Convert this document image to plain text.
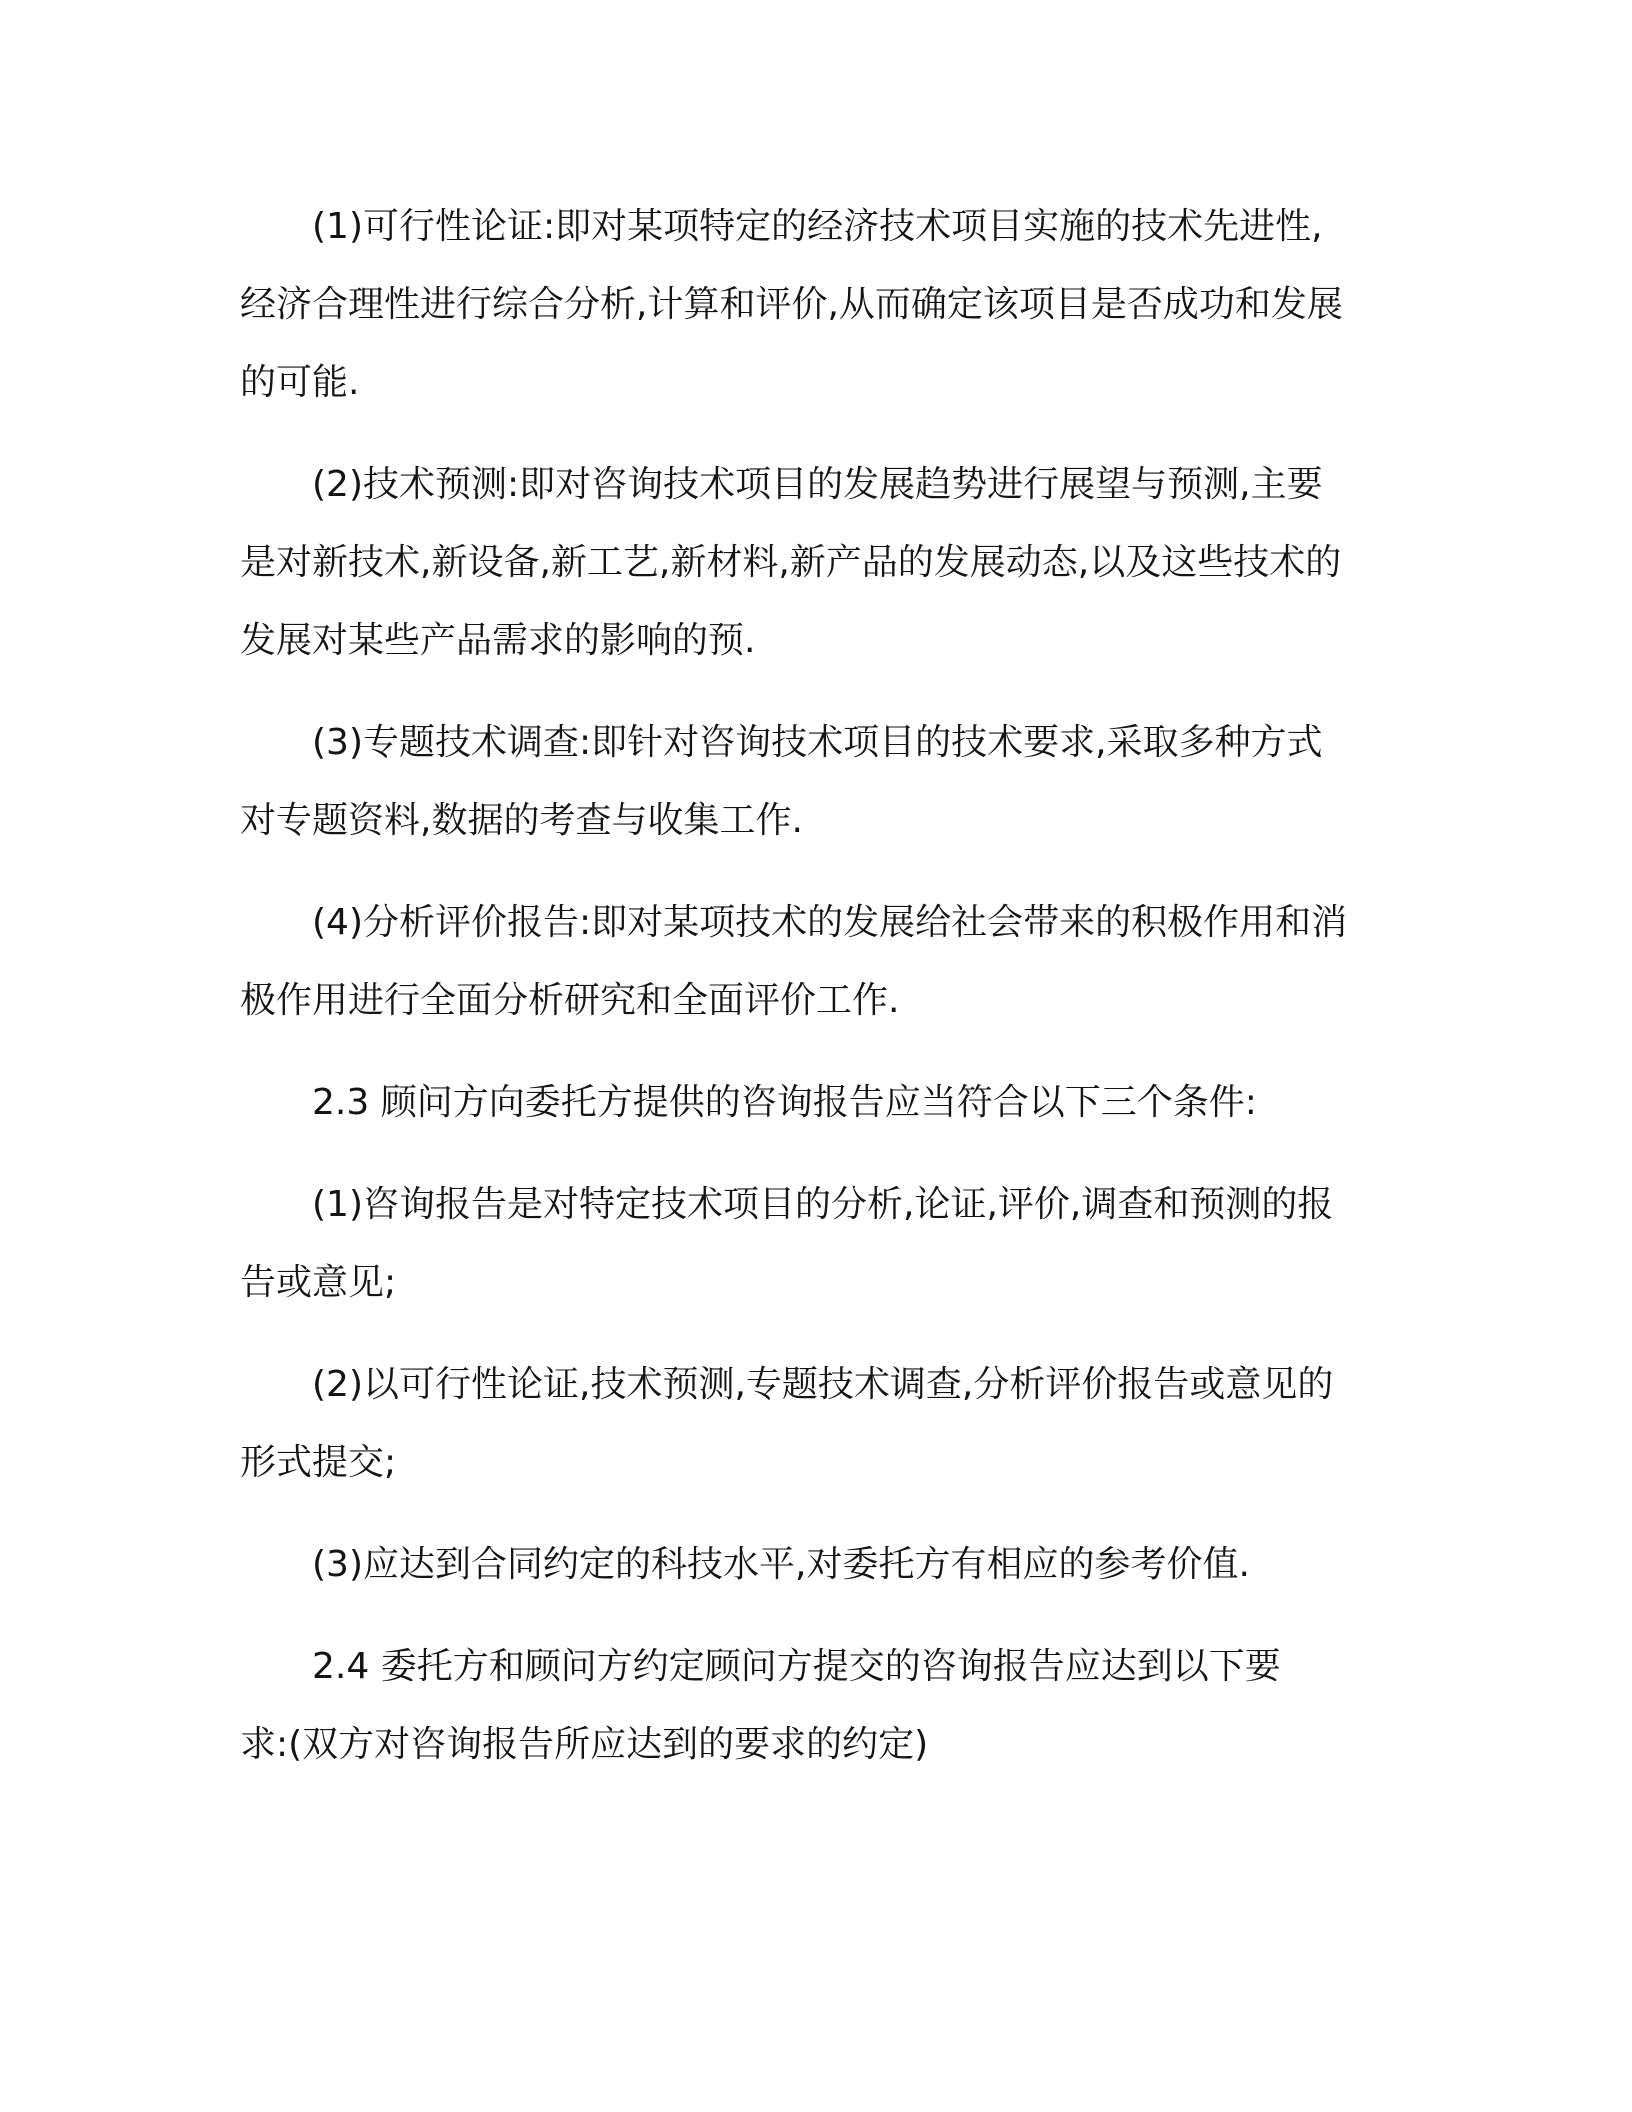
(1)可行性论证:即对某项特定的经济技术项目实施的技术先进性,
经济合理性进行综合分析,计算和评价,从而确定该项目是否成功和发展
的可能.

(2)技术预测:即对咨询技术项目的发展趋势进行展望与预测,主要
是对新技术,新设备,新工艺,新材料,新产品的发展动态,以及这些技术的
发展对某些产品需求的影响的预.

(3)专题技术调查:即针对咨询技术项目的技术要求,采取多种方式
对专题资料,数据的考查与收集工作.

(4)分析评价报告:即对某项技术的发展给社会带来的积极作用和消
极作用进行全面分析研究和全面评价工作.

2.3 顾问方向委托方提供的咨询报告应当符合以下三个条件:

(1)咨询报告是对特定技术项目的分析,论证,评价,调查和预测的报
告或意见;

(2)以可行性论证,技术预测,专题技术调查,分析评价报告或意见的
形式提交;

(3)应达到合同约定的科技水平,对委托方有相应的参考价值.

2.4 委托方和顾问方约定顾问方提交的咨询报告应达到以下要
求:(双方对咨询报告所应达到的要求的约定)
